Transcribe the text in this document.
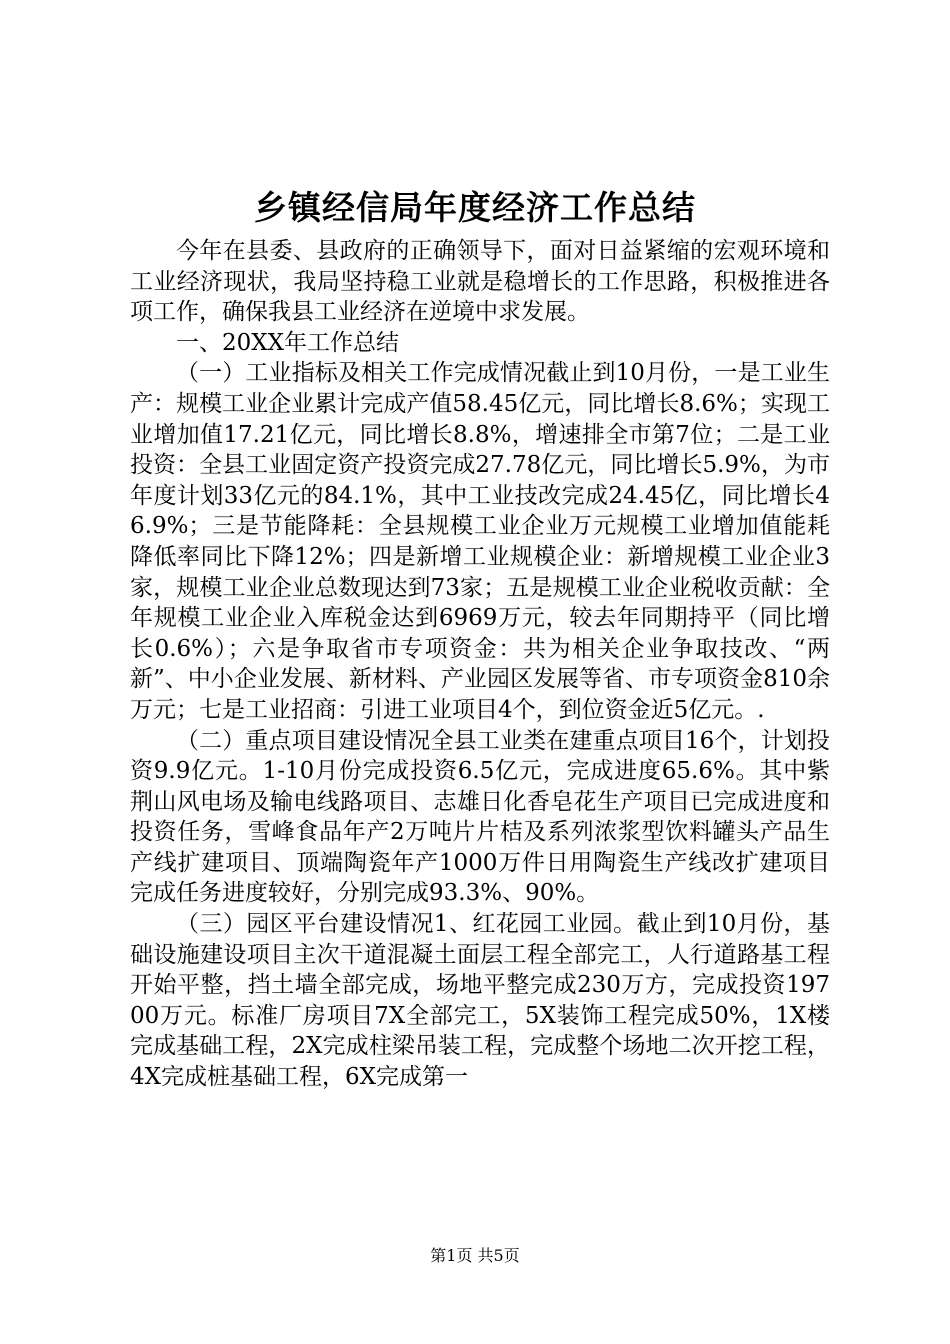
乡镇经信局年度经济工作总结

今年在县委、县政府的正确领导下，面对日益紧缩的宏观环境和工业经济现状，我局坚持稳工业就是稳增长的工作思路，积极推进各项工作，确保我县工业经济在逆境中求发展。

一、20XX年工作总结

（一）工业指标及相关工作完成情况截止到10月份，一是工业生产：规模工业企业累计完成产值58.45亿元，同比增长8.6%；实现工业增加值17.21亿元，同比增长8.8%，增速排全市第7位；二是工业投资：全县工业固定资产投资完成27.78亿元，同比增长5.9%，为市年度计划33亿元的84.1%，其中工业技改完成24.45亿，同比增长46.9%；三是节能降耗：全县规模工业企业万元规模工业增加值能耗降低率同比下降12%；四是新增工业规模企业：新增规模工业企业3家，规模工业企业总数现达到73家；五是规模工业企业税收贡献：全年规模工业企业入库税金达到6969万元，较去年同期持平（同比增长0.6%）；六是争取省市专项资金：共为相关企业争取技改、“两新”、中小企业发展、新材料、产业园区发展等省、市专项资金810余万元；七是工业招商：引进工业项目4个，到位资金近5亿元。.

（二）重点项目建设情况全县工业类在建重点项目16个，计划投资9.9亿元。1-10月份完成投资6.5亿元，完成进度65.6%。其中紫荆山风电场及输电线路项目、志雄日化香皂花生产项目已完成进度和投资任务，雪峰食品年产2万吨片片桔及系列浓浆型饮料罐头产品生产线扩建项目、顶端陶瓷年产1000万件日用陶瓷生产线改扩建项目完成任务进度较好，分别完成93.3%、90%。

（三）园区平台建设情况1、红花园工业园。截止到10月份，基础设施建设项目主次干道混凝土面层工程全部完工，人行道路基工程开始平整，挡土墙全部完成，场地平整完成230万方，完成投资19700万元。标准厂房项目7X全部完工，5X装饰工程完成50%，1X楼完成基础工程，2X完成柱梁吊装工程，完成整个场地二次开挖工程，4X完成桩基础工程，6X完成第一

第1页 共5页
